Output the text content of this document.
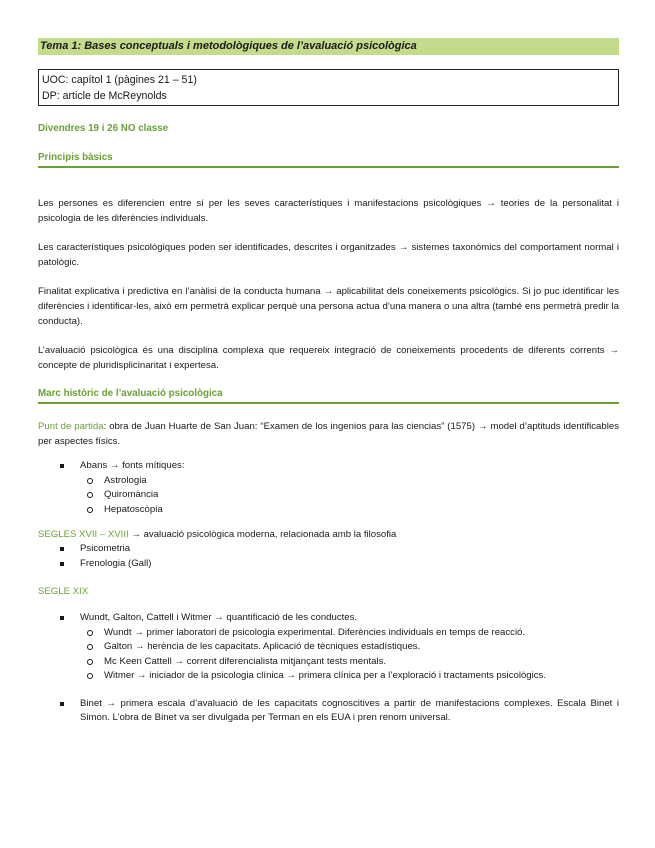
Tema 1: Bases conceptuals i metodològiques de l’avaluació psicològica
UOC: capítol 1 (pàgines 21 – 51)
DP: article de McReynolds
Divendres 19 i 26 NO classe
Principis bàsics

Les persones es diferencien entre sí per les seves característiques i manifestacions psicològiques → teories de la personalitat i psicologia de les diferències individuals.

Les característiques psicològiques poden ser identificades, descrites i organitzades → sistemes taxonòmics del comportament normal i patològic.

Finalitat explicativa i predictiva en l’anàlisi de la conducta humana → aplicabilitat dels coneixements psicològics. Si jo puc identificar les diferències i identificar-les, això em permetrà explicar perquè una persona actua d’una manera o una altra (també ens permetrà predir la conducta).

L’avaluació psicològica és una disciplina complexa que requereix integració de coneixements procedents de diferents corrents → concepte de pluridisplicinaritat i expertesa.

Marc històric de l’avaluació psicològica

Punt de partida: obra de Juan Huarte de San Juan: “Examen de los ingenios para las ciencias” (1575) → model d’aptituds identificables per aspectes físics.

Abans → fonts mítiques:
Astrologia
Quiromància
Hepatoscòpia
SEGLES XVII – XVIII → avaluació psicològica moderna, relacionada amb la filosofia
Psicometria
Frenologia (Gall)
SEGLE XIX
Wundt, Galton, Cattell i Witmer → quantificació de les conductes.
Wundt → primer laboratori de psicologia experimental. Diferències individuals en temps de reacció.
Galton → herència de les capacitats. Aplicació de tècniques estadístiques.
Mc Keen Cattell → corrent diferencialista mitjançant tests mentals.
Witmer → iniciador de la psicologia clínica → primera clínica per a l’exploració i tractaments psicològics.
Binet → primera escala d’avaluació de les capacitats cognoscitives a partir de manifestacions complexes. Escala Binet i Simon. L’obra de Binet va ser divulgada per Terman en els EUA i pren renom universal.
